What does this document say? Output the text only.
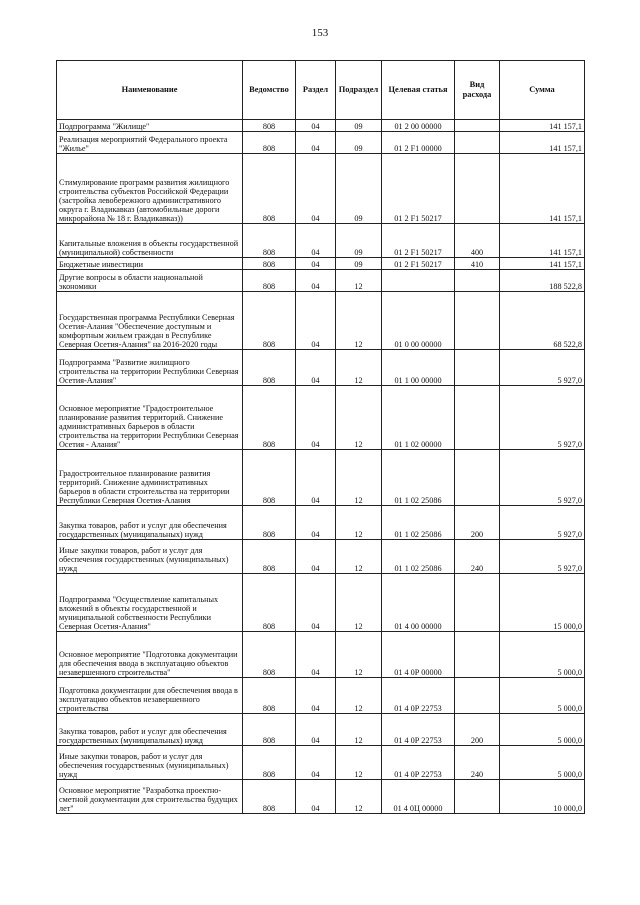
153
Наименование	Ведомство	Раздел	Подраздел	Целевая статья	Вид расхода	Сумма
Подпрограмма "Жилище"	808	04	09	01 2 00 00000		141 157,1
Реализация мероприятий Федерального проекта "Жилье"	808	04	09	01 2 F1 00000		141 157,1
Стимулирование программ развития жилищного строительства субъектов Российской Федерации (застройка левобережного административного округа г. Владикавказ (автомобильные дороги микрорайона № 18 г. Владикавказ))	808	04	09	01 2 F1 50217		141 157,1
Капитальные вложения в объекты государственной (муниципальной) собственности	808	04	09	01 2 F1 50217	400	141 157,1
Бюджетные инвестиции	808	04	09	01 2 F1 50217	410	141 157,1
Другие вопросы в области национальной экономики	808	04	12			188 522,8
Государственная программа Республики Северная Осетия-Алания "Обеспечение доступным и комфортным жильем граждан в Республике Северная Осетия-Алания" на 2016-2020 годы	808	04	12	01 0 00 00000		68 522,8
Подпрограмма "Развитие жилищного строительства на территории Республики Северная Осетия-Алания"	808	04	12	01 1 00 00000		5 927,0
Основное мероприятие "Градостроительное планирование развития территорий. Снижение административных барьеров в области строительства на территории Республики Северная Осетия - Алания"	808	04	12	01 1 02 00000		5 927,0
Градостроительное планирование развития территорий. Снижение административных барьеров в области строительства на территории Республики Северная Осетия-Алания	808	04	12	01 1 02 25086		5 927,0
Закупка товаров, работ и услуг для обеспечения государственных (муниципальных) нужд	808	04	12	01 1 02 25086	200	5 927,0
Иные закупки товаров, работ и услуг для обеспечения государственных (муниципальных) нужд	808	04	12	01 1 02 25086	240	5 927,0
Подпрограмма "Осуществление капитальных вложений в объекты государственной и муниципальной собственности Республики Северная Осетия-Алания"	808	04	12	01 4 00 00000		15 000,0
Основное мероприятие "Подготовка документации для обеспечения ввода в эксплуатацию объектов незавершенного строительства"	808	04	12	01 4 0Р 00000		5 000,0
Подготовка документации для обеспечения ввода в эксплуатацию объектов незавершенного строительства	808	04	12	01 4 0Р 22753		5 000,0
Закупка товаров, работ и услуг для обеспечения государственных (муниципальных) нужд	808	04	12	01 4 0Р 22753	200	5 000,0
Иные закупки товаров, работ и услуг для обеспечения государственных (муниципальных) нужд	808	04	12	01 4 0Р 22753	240	5 000,0
Основное мероприятие "Разработка проектно-сметной документации для строительства будущих лет"	808	04	12	01 4 0Ц 00000		10 000,0
